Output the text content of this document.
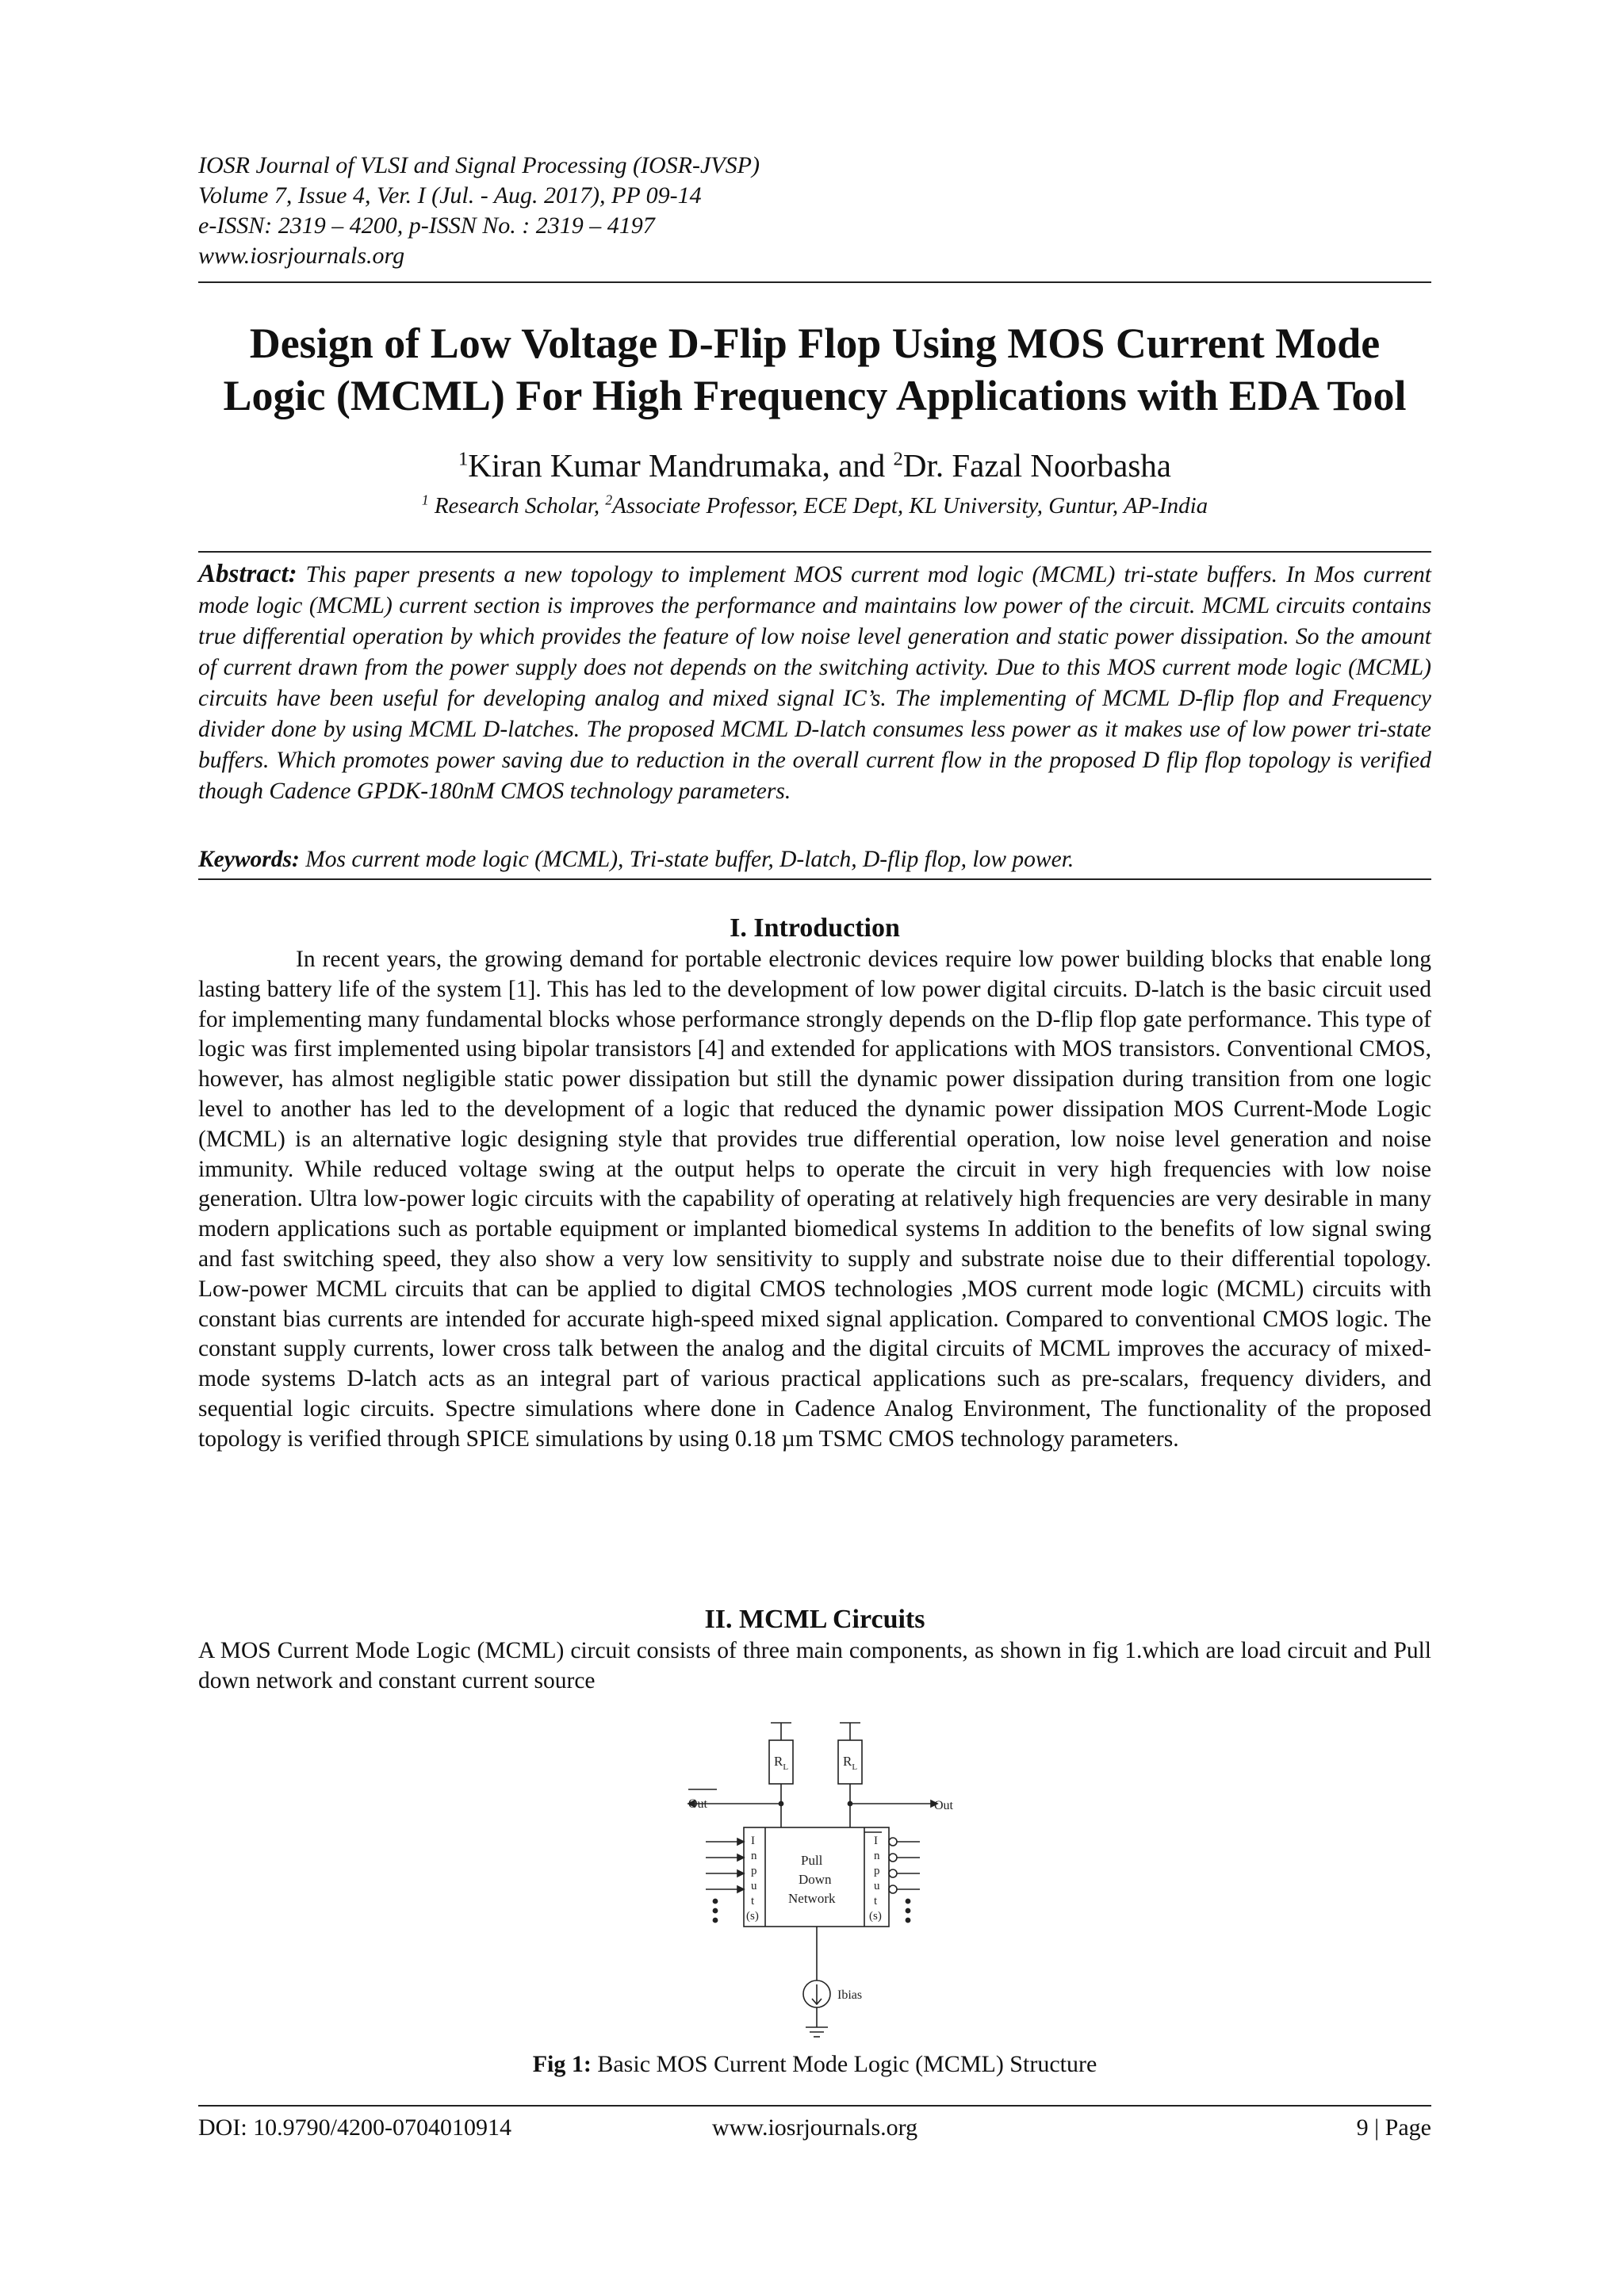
IOSR Journal of VLSI and Signal Processing (IOSR-JVSP)
Volume 7, Issue 4, Ver. I (Jul. - Aug. 2017), PP 09-14
e-ISSN: 2319 – 4200, p-ISSN No. : 2319 – 4197
www.iosrjournals.org
Design of Low Voltage D-Flip Flop Using MOS Current Mode Logic (MCML) For High Frequency Applications with EDA Tool
$^1$Kiran Kumar Mandrumaka, and $^2$Dr. Fazal Noorbasha
$^1$ Research Scholar, $^2$Associate Professor, ECE Dept, KL University, Guntur, AP-India
Abstract: This paper presents a new topology to implement MOS current mod logic (MCML) tri-state buffers. In Mos current mode logic (MCML) current section is improves the performance and maintains low power of the circuit. MCML circuits contains true differential operation by which provides the feature of low noise level generation and static power dissipation. So the amount of current drawn from the power supply does not depends on the switching activity. Due to this MOS current mode logic (MCML) circuits have been useful for developing analog and mixed signal IC’s. The implementing of MCML D-flip flop and Frequency divider done by using MCML D-latches. The proposed MCML D-latch consumes less power as it makes use of low power tri-state buffers. Which promotes power saving due to reduction in the overall current flow in the proposed D flip flop topology is verified though Cadence GPDK-180nM CMOS technology parameters.
Keywords: Mos current mode logic (MCML), Tri-state buffer, D-latch, D-flip flop, low power.
I. Introduction
In recent years, the growing demand for portable electronic devices require low power building blocks that enable long lasting battery life of the system [1]. This has led to the development of low power digital circuits. D-latch is the basic circuit used for implementing many fundamental blocks whose performance strongly depends on the D-flip flop gate performance. This type of logic was first implemented using bipolar transistors [4] and extended for applications with MOS transistors. Conventional CMOS, however, has almost negligible static power dissipation but still the dynamic power dissipation during transition from one logic level to another has led to the development of a logic that reduced the dynamic power dissipation MOS Current-Mode Logic (MCML) is an alternative logic designing style that provides true differential operation, low noise level generation and noise immunity. While reduced voltage swing at the output helps to operate the circuit in very high frequencies with low noise generation. Ultra low-power logic circuits with the capability of operating at relatively high frequencies are very desirable in many modern applications such as portable equipment or implanted biomedical systems In addition to the benefits of low signal swing and fast switching speed, they also show a very low sensitivity to supply and substrate noise due to their differential topology. Low-power MCML circuits that can be applied to digital CMOS technologies ,MOS current mode logic (MCML) circuits with constant bias currents are intended for accurate high-speed mixed signal application. Compared to conventional CMOS logic. The constant supply currents, lower cross talk between the analog and the digital circuits of MCML improves the accuracy of mixed-mode systems D-latch acts as an integral part of various practical applications such as pre-scalars, frequency dividers, and sequential logic circuits. Spectre simulations where done in Cadence Analog Environment, The functionality of the proposed topology is verified through SPICE simulations by using 0.18 µm TSMC CMOS technology parameters.
II. MCML Circuits
A MOS Current Mode Logic (MCML) circuit consists of three main components, as shown in fig 1.which are load circuit and Pull down network and constant current source
$R_L$	$R_L$
Out	Out
Pull
Down
Network
I
n
p
u
t
(s)
I
n
p
u
t
(s)
Ibias
Fig 1: Basic MOS Current Mode Logic (MCML) Structure
DOI: 10.9790/4200-0704010914	www.iosrjournals.org	9 | Page
